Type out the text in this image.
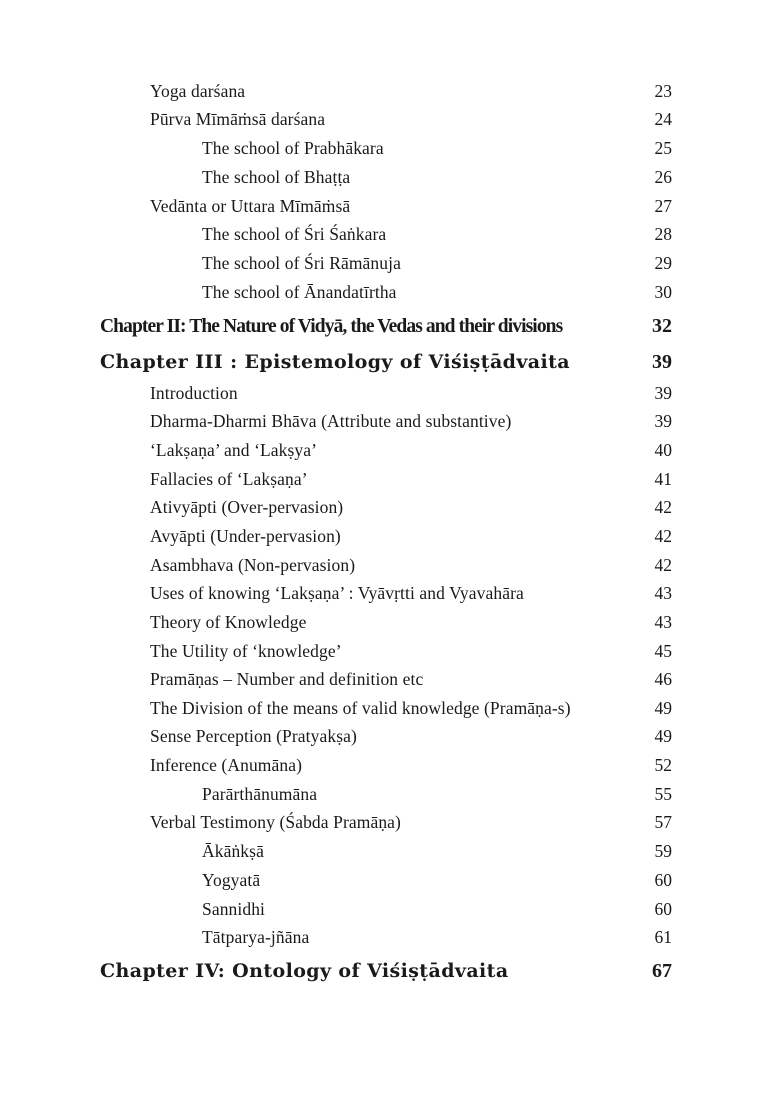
Yoga darśana	23
Pūrva Mīmāṁsā darśana	24
The school of Prabhākara	25
The school of Bhaṭṭa	26
Vedānta or Uttara Mīmāṁsā	27
The school of Śri Śaṅkara	28
The school of Śri Rāmānuja	29
The school of Ānandatīrtha	30
Chapter II: The Nature of Vidyā, the Vedas and their divisions	32
Chapter III : Epistemology of Viśiṣṭādvaita	39
Introduction	39
Dharma-Dharmi Bhāva (Attribute and substantive)	39
‘Lakṣaṇa’ and ‘Lakṣya’	40
Fallacies of ‘Lakṣaṇa’	41
Ativyāpti (Over-pervasion)	42
Avyāpti (Under-pervasion)	42
Asambhava (Non-pervasion)	42
Uses of knowing ‘Lakṣaṇa’ : Vyāvṛtti and Vyavahāra	43
Theory of Knowledge	43
The Utility of ‘knowledge’	45
Pramāṇas – Number and definition etc	46
The Division of the means of valid knowledge (Pramāṇa-s)	49
Sense Perception (Pratyakṣa)	49
Inference (Anumāna)	52
Parārthānumāna	55
Verbal Testimony (Śabda Pramāṇa)	57
Ākāṅkṣā	59
Yogyatā	60
Sannidhi	60
Tātparya-jñāna	61
Chapter IV: Ontology of Viśiṣṭādvaita	67
